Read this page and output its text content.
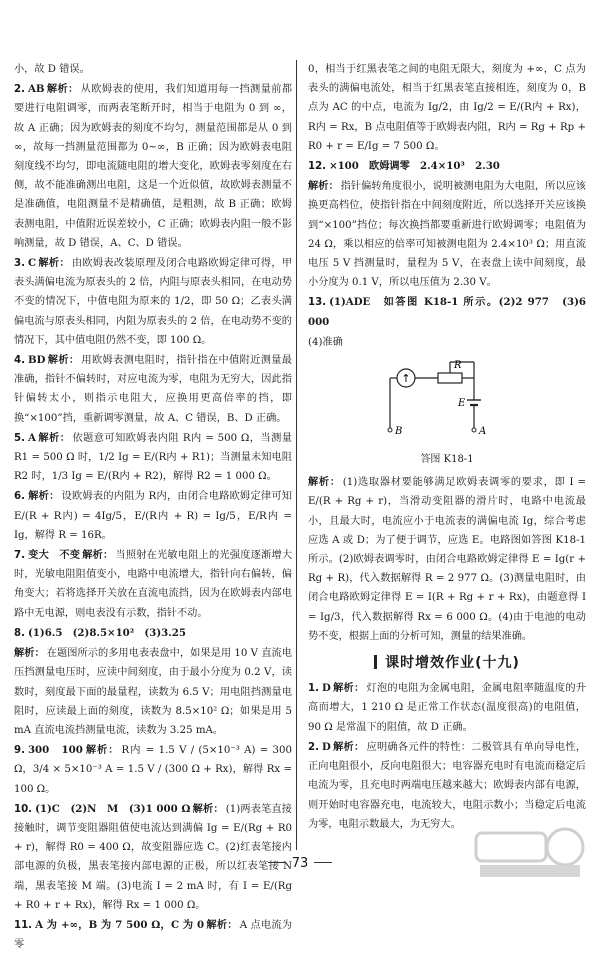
小，故 D 错误。

2. AB 解析： 从欧姆表的使用，我们知道用每一挡测量前都要进行电阻调零，而两表笔断开时，相当于电阻为 0 到 ∞，故 A 正确；因为欧姆表的刻度不均匀，测量范围都是从 0 到 ∞，故每一挡测量范围都为 0~∞，B 正确；因为欧姆表电阻刻度线不均匀，即电流随电阻的增大变化，欧姆表零刻度在右侧，故不能准确测出电阻，这是一个近似值，故欧姆表测量不是准确值，电阻测量不是精确值，是粗测，故 B 正确；欧姆表测电阻，中值附近误差较小，C 正确；欧姆表内阻一般不影响测量，故 D 错误，A、C、D 错误。

3. C 解析： 由欧姆表改装原理及闭合电路欧姆定律可得，甲表头满偏电流为原表头的 2 倍，内阻与原表头相同，在电动势不变的情况下，中值电阻为原来的 1/2，即 50 Ω；乙表头满偏电流与原表头相同，内阻为原表头的 2 倍，在电动势不变的情况下，其中值电阻仍然不变，即 100 Ω。

4. BD 解析： 用欧姆表测电阻时，指针指在中值附近测量最准确，指针不偏转时，对应电流为零，电阻为无穷大，因此指针偏转太小，则指示电阻大，应换用更高倍率的挡，即换“×100”挡，重新调零测量，故 A、C 错误，B、D 正确。

5. A 解析： 依题意可知欧姆表内阻 R内 = 500 Ω，当测量 R1 = 500 Ω 时，1/2 Ig = E/(R内 + R1)；当测量未知电阻 R2 时，1/3 Ig = E/(R内 + R2)，解得 R2 = 1 000 Ω。

6. 解析： 设欧姆表的内阻为 R内，由闭合电路欧姆定律可知 E/(R + R内) = 4Ig/5，E/(R内 + R) = Ig/5，E/R内 = Ig，解得 R = 16R。

7. 变大　不变 解析： 当照射在光敏电阻上的光强度逐渐增大时，光敏电阻阻值变小，电路中电流增大，指针向右偏转，偏角变大；若将选择开关放在直流电流挡，因为在欧姆表内部电路中无电源，则电表没有示数，指针不动。

8. (1)6.5　(2)8.5×10²　(3)3.25

解析： 在题图所示的多用电表表盘中，如果是用 10 V 直流电压挡测量电压时，应读中间刻度，由于最小分度为 0.2 V，读数时，刻度最下面的最量程，读数为 6.5 V；用电阻挡测量电阻时，应读最上面的刻度，读数为 8.5×10² Ω；如果是用 5 mA 直流电流挡测量电流，读数为 3.25 mA。

9. 300　100 解析： R内 = 1.5 V / (5×10⁻³ A) = 300 Ω，3/4 × 5×10⁻³ A = 1.5 V / (300 Ω + Rx)，解得 Rx = 100 Ω。

10. (1)C　(2)N　M　(3)1 000 Ω 解析： (1)两表笔直接接触时，调节变阻器阻值使电流达到满偏 Ig = E/(Rg + R0 + r)，解得 R0 = 400 Ω，故变阻器应选 C。(2)红表笔接内部电源的负极，黑表笔接内部电源的正极，所以红表笔接 N 端，黑表笔接 M 端。(3)电流 I = 2 mA 时，有 I = E/(Rg + R0 + r + Rx)，解得 Rx = 1 000 Ω。

11. A 为 +∞，B 为 7 500 Ω，C 为 0 解析： A 点电流为零

0，相当于红黑表笔之间的电阻无限大，刻度为 +∞，C 点为表头的满偏电流处，相当于红黑表笔直接相连，刻度为 0，B 点为 AC 的中点，电流为 Ig/2，由 Ig/2 = E/(R内 + Rx)，R内 = Rx，B 点电阻值等于欧姆表内阻，R内 = Rg + Rp + R0 + r = E/Ig = 7 500 Ω。

12. ×100　欧姆调零　2.4×10³　2.30

解析： 指针偏转角度很小，说明被测电阻为大电阻，所以应该换更高档位，使指针指在中间刻度附近，所以选择开关应该换到“×100”挡位；每次换挡都要重新进行欧姆调零；电阻值为 24 Ω，乘以相应的倍率可知被测电阻为 2.4×10³ Ω；用直流电压 5 V 挡测量时，量程为 5 V，在表盘上读中间刻度，最小分度为 0.1 V，所以电压值为 2.30 V。

13. (1)ADE　如答图 K18-1 所示。(2)2 977　(3)6 000

(4)准确

↑
R
E
A
B
答图 K18-1

解析： (1)选取器材要能够满足欧姆表调零的要求，即 I = E/(R + Rg + r)，当滑动变阻器的滑片时，电路中电流最小，且最大时，电流应小于电流表的满偏电流 Ig，综合考虑应选 A 或 D；为了便于调节，应选 E。电路图如答图 K18-1 所示。(2)欧姆表调零时，由闭合电路欧姆定律得 E = Ig(r + Rg + R)，代入数据解得 R = 2 977 Ω。(3)测量电阻时，由闭合电路欧姆定律得 E = I(R + Rg + r + Rx)，由题意得 I = Ig/3，代入数据解得 Rx = 6 000 Ω。(4)由于电池的电动势不变，根据上面的分析可知，测量的结果准确。

课时增效作业(十九)

1. D 解析： 灯泡的电阻为金属电阻，金属电阻率随温度的升高而增大，1 210 Ω 是正常工作状态(温度很高)的电阻值，90 Ω 是常温下的阻值，故 D 正确。

2. D 解析： 应明确各元件的特性：二极管具有单向导电性，正向电阻很小，反向电阻很大；电容器充电时有电流而稳定后电流为零，且充电时两端电压越来越大；欧姆表内部有电源，则开始时电容器充电，电流较大，电阻示数小；当稳定后电流为零，电阻示数最大，为无穷大。

73
